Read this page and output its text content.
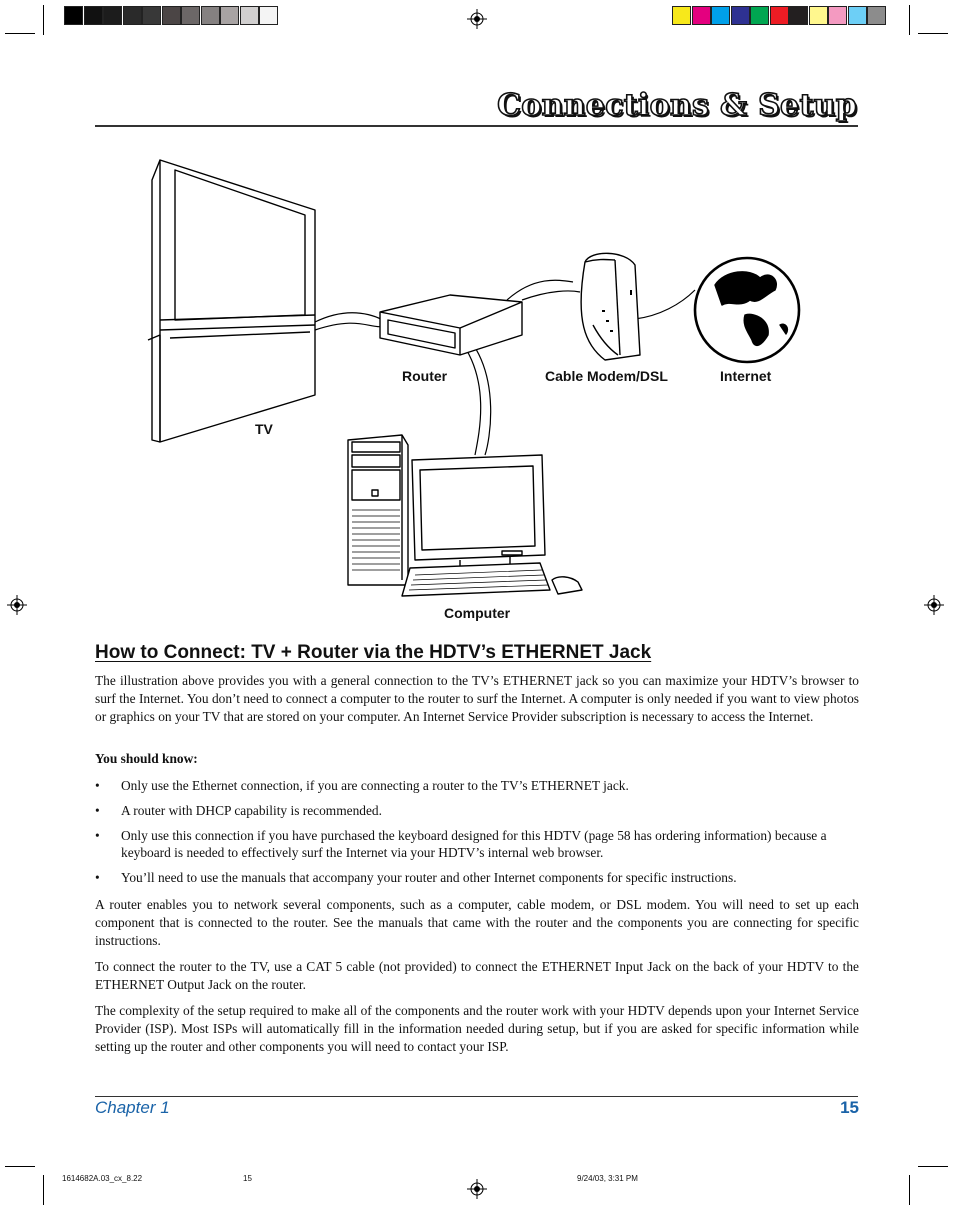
Connections & Setup
Router	Cable Modem/DSL	Internet
TV
Computer
How to Connect: TV + Router via the HDTV’s ETHERNET Jack
The illustration above provides you with a general connection to the TV’s ETHERNET jack so you can maximize your HDTV’s browser to surf the Internet. You don’t need to connect a computer to the router to surf the Internet. A computer is only needed if you want to view photos or graphics on your TV that are stored on your computer. An Internet Service Provider subscription is necessary to access the Internet.
You should know:
• Only use the Ethernet connection, if you are connecting a router to the TV’s ETHERNET jack.
• A router with DHCP capability is recommended.
• Only use this connection if you have purchased the keyboard designed for this HDTV (page 58 has ordering information) because a keyboard is needed to effectively surf the Internet via your HDTV’s internal web browser.
• You’ll need to use the manuals that accompany your router and other Internet components for specific instructions.
A router enables you to network several components, such as a computer, cable modem, or DSL modem. You will need to set up each component that is connected to the router. See the manuals that came with the router and the components you are connecting for specific instructions.
To connect the router to the TV, use a CAT 5 cable (not provided) to connect the ETHERNET Input Jack on the back of your HDTV to the ETHERNET Output Jack on the router.
The complexity of the setup required to make all of the components and the router work with your HDTV depends upon your Internet Service Provider (ISP). Most ISPs will automatically fill in the information needed during setup, but if you are asked for specific information while setting up the router and other components you will need to contact your ISP.
Chapter 1	15
1614682A.03_cx_8.22	15	9/24/03, 3:31 PM
